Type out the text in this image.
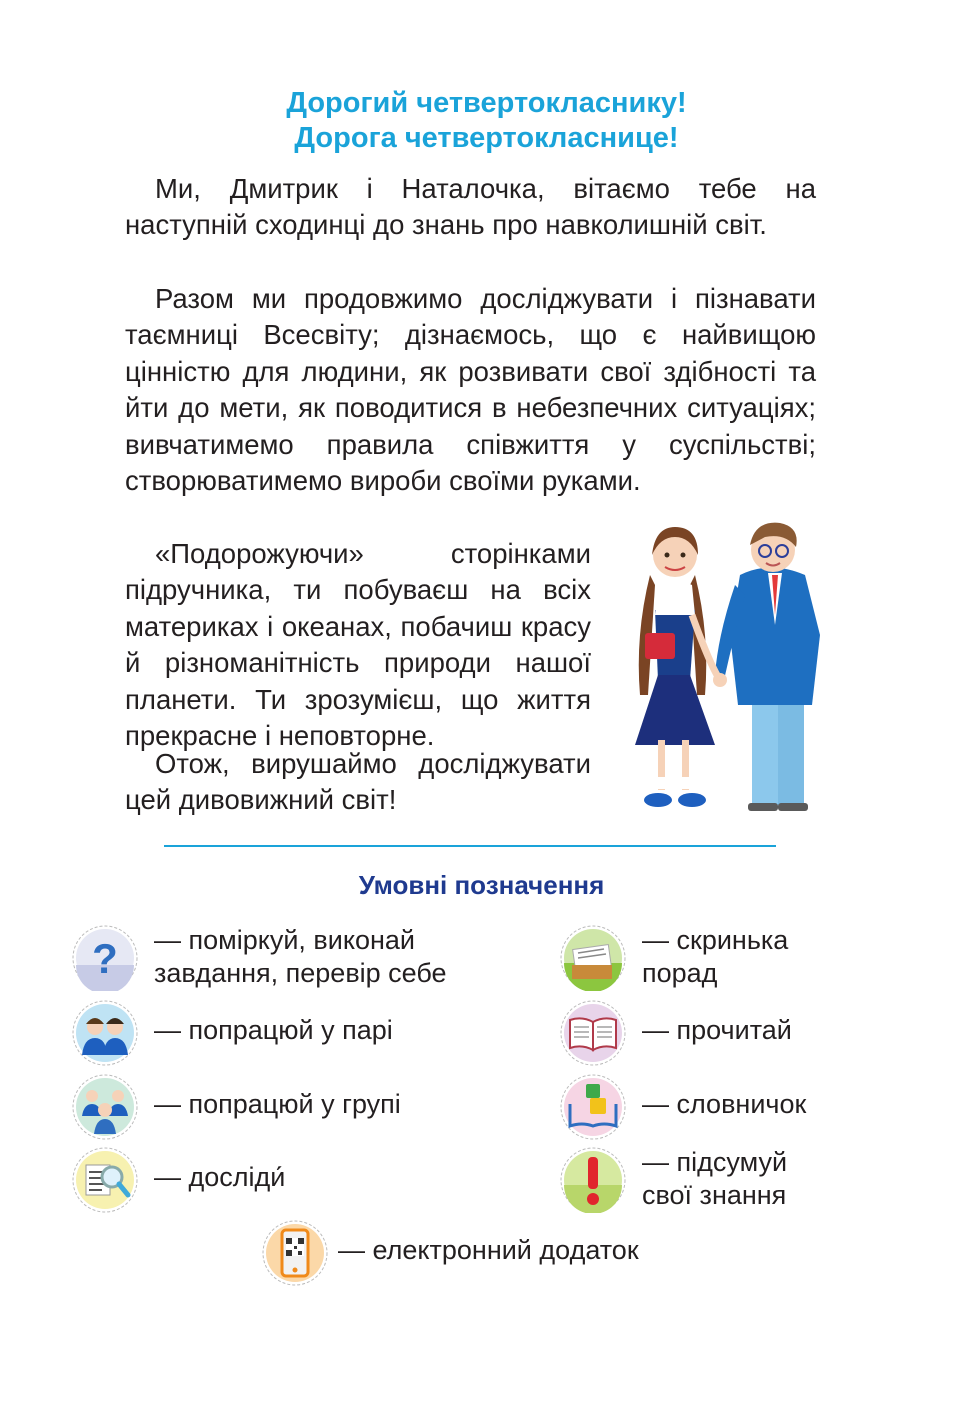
Дорогий четвертокласнику!
Дорога четвертокласнице!

Ми, Дмитрик і Наталочка, вітаємо тебе на наступній сходинці до знань про навколишній світ.

Разом ми продовжимо досліджувати і пізнавати таємниці Всесвіту; дізнаємось, що є найвищою цінністю для людини, як розвивати свої здібності та йти до мети, як поводитися в небезпечних ситуаціях; вивчатимемо правила співжиття у суспільстві; створюватимемо вироби своїми руками.

«Подорожуючи» сторінками підручника, ти побуваєш на всіх материках і океанах, побачиш красу й різноманітність природи нашої планети. Ти зрозумієш, що життя прекрасне і неповторне.

Отож, вирушаймо досліджувати цей дивовижний світ!

Умовні позначення
? — поміркуй, виконай
завдання, перевір себе
— попрацюй у парі
— попрацюй у групі
— досліди́
— скринька
порад
— прочитай
— словничок
— підсумуй
свої знання
— електронний додаток
